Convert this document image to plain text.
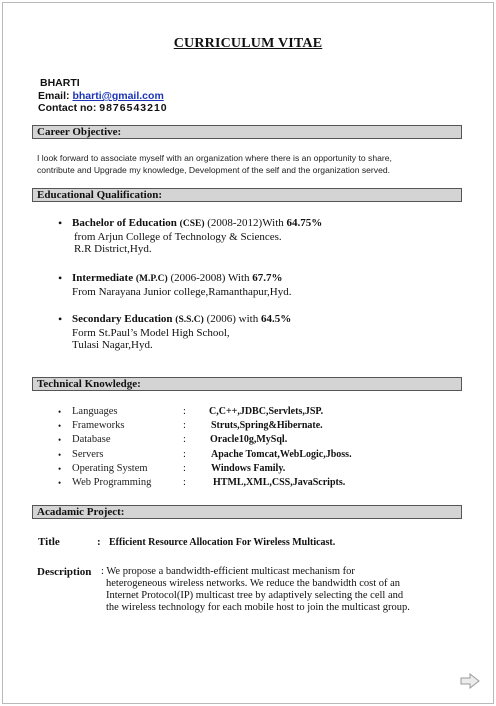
CURRICULUM VITAE
BHARTI
Email: bharti@gmail.com
Contact no: 9876543210
Career Objective:
I look forward to associate myself with an organization where there is an opportunity to share,
contribute and Upgrade my knowledge, Development of the self and the organization served.
Educational Qualification:
• Bachelor of Education (CSE) (2008-2012)With 64.75%
from Arjun College of Technology & Sciences.
R.R District,Hyd.
• Intermediate (M.P.C) (2006-2008) With 67.7%
From Narayana Junior college,Ramanthapur,Hyd.
• Secondary Education (S.S.C) (2006) with 64.5%
Form St.Paul’s Model High School,
Tulasi Nagar,Hyd.
Technical Knowledge:
• Languages	: C,C++,JDBC,Servlets,JSP.
• Frameworks	:	Struts,Spring&Hibernate.
• Database	: Oracle10g,MySql.
• Servers	:	Apache Tomcat,WebLogic,Jboss.
• Operating System	:	Windows Family.
• Web Programming	:	HTML,XML,CSS,JavaScripts.
Acadamic Project:
Title	: Efficient Resource Allocation For Wireless Multicast.
Description : We propose a bandwidth-efficient multicast mechanism for
heterogeneous wireless networks. We reduce the bandwidth cost of an
Internet Protocol(IP) multicast tree by adaptively selecting the cell and
the wireless technology for each mobile host to join the multicast group.
